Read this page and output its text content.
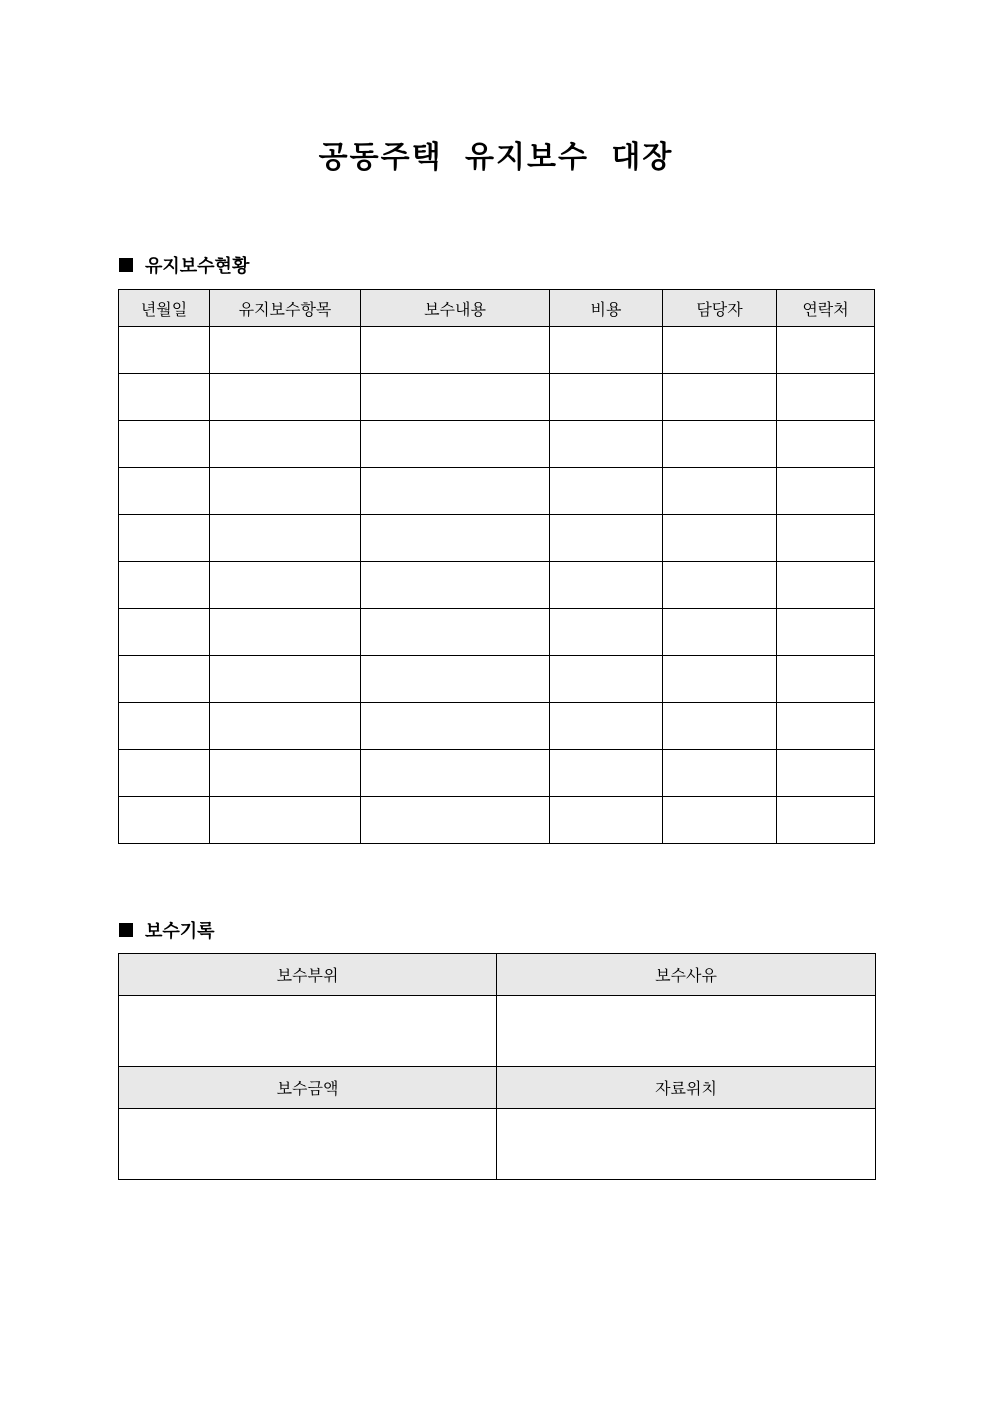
공동주택 유지보수 대장
유지보수현황
년월일	유지보수항목	보수내용	비용	담당자	연락처

보수기록
보수부위	보수사유

보수금액	자료위치
